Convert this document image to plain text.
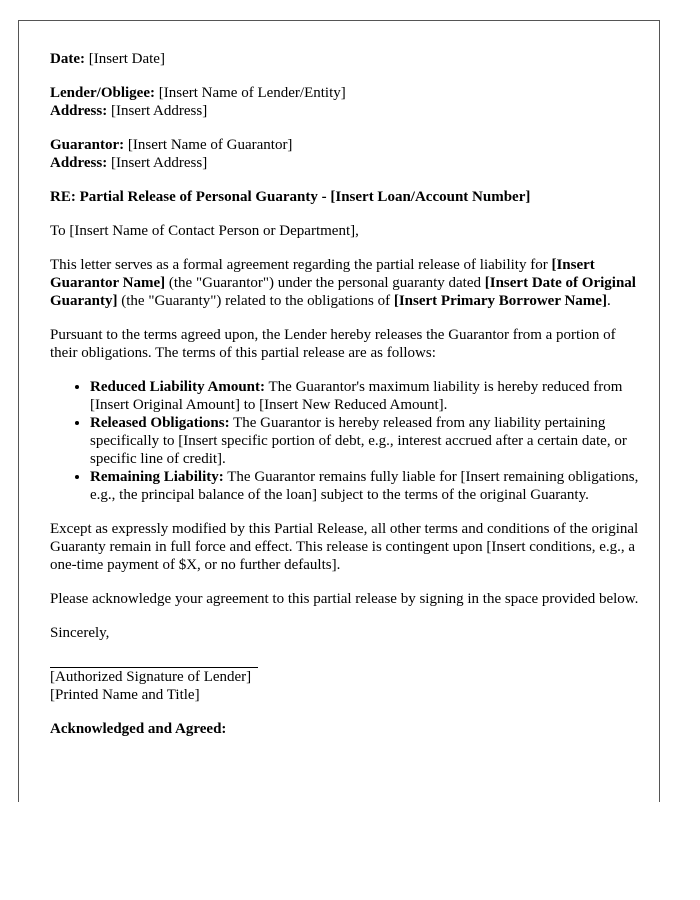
Date: [Insert Date]

Lender/Obligee: [Insert Name of Lender/Entity]
Address: [Insert Address]

Guarantor: [Insert Name of Guarantor]
Address: [Insert Address]

RE: Partial Release of Personal Guaranty - [Insert Loan/Account Number]

To [Insert Name of Contact Person or Department],

This letter serves as a formal agreement regarding the partial release of liability for [Insert Guarantor Name] (the "Guarantor") under the personal guaranty dated [Insert Date of Original Guaranty] (the "Guaranty") related to the obligations of [Insert Primary Borrower Name].

Pursuant to the terms agreed upon, the Lender hereby releases the Guarantor from a portion of their obligations. The terms of this partial release are as follows:

• Reduced Liability Amount: The Guarantor's maximum liability is hereby reduced from [Insert Original Amount] to [Insert New Reduced Amount].
• Released Obligations: The Guarantor is hereby released from any liability pertaining specifically to [Insert specific portion of debt, e.g., interest accrued after a certain date, or specific line of credit].
• Remaining Liability: The Guarantor remains fully liable for [Insert remaining obligations, e.g., the principal balance of the loan] subject to the terms of the original Guaranty.

Except as expressly modified by this Partial Release, all other terms and conditions of the original Guaranty remain in full force and effect. This release is contingent upon [Insert conditions, e.g., a one-time payment of $X, or no further defaults].

Please acknowledge your agreement to this partial release by signing in the space provided below.

Sincerely,

[Authorized Signature of Lender]
[Printed Name and Title]

Acknowledged and Agreed:
